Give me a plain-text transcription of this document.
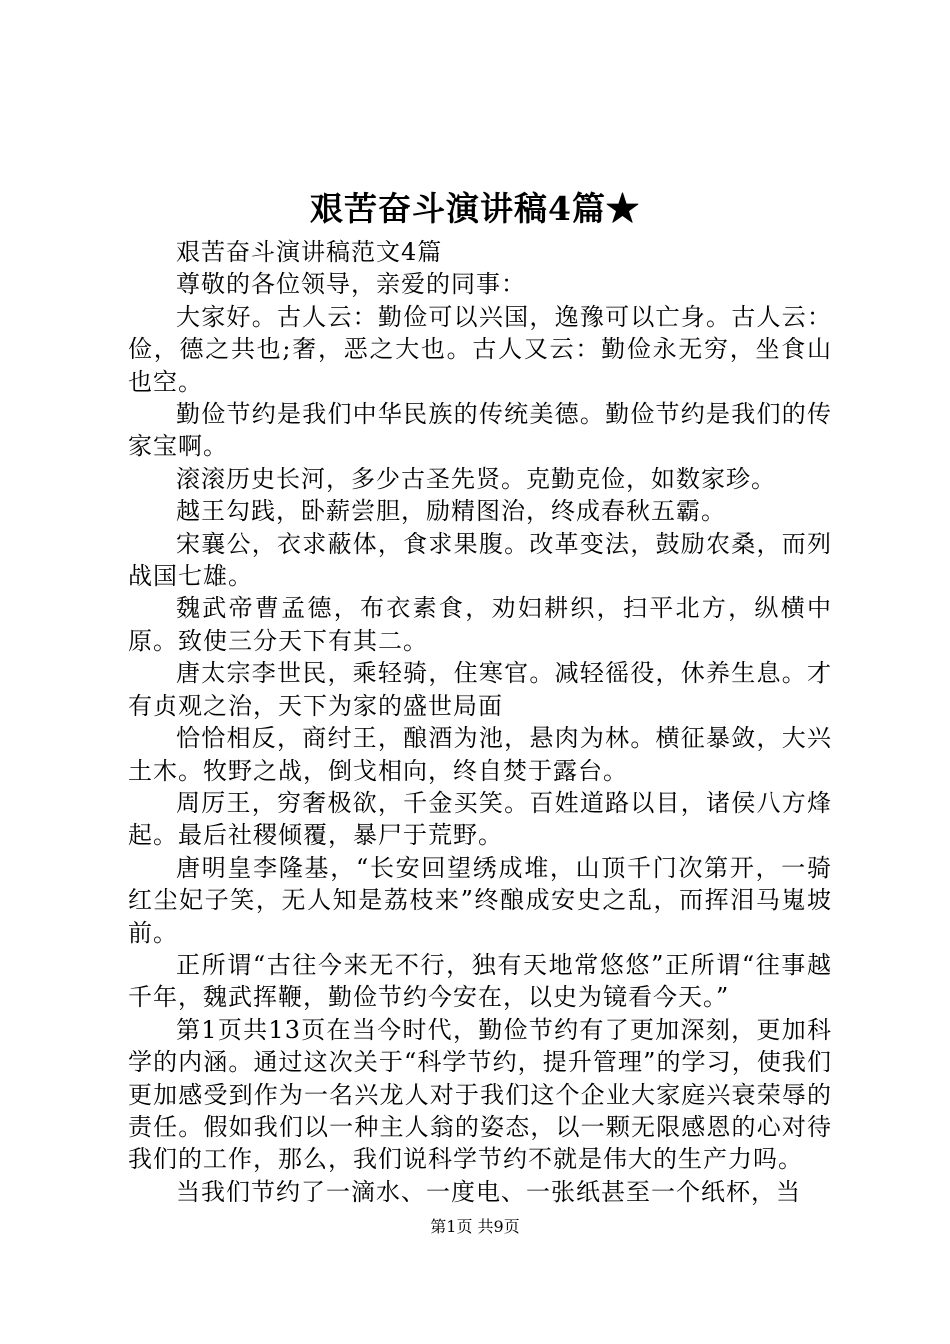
艰苦奋斗演讲稿4篇★

艰苦奋斗演讲稿范文4篇

尊敬的各位领导，亲爱的同事：

大家好。古人云：勤俭可以兴国，逸豫可以亡身。古人云：俭，德之共也;奢，恶之大也。古人又云：勤俭永无穷，坐食山也空。

勤俭节约是我们中华民族的传统美德。勤俭节约是我们的传家宝啊。

滚滚历史长河，多少古圣先贤。克勤克俭，如数家珍。

越王勾践，卧薪尝胆，励精图治，终成春秋五霸。

宋襄公，衣求蔽体，食求果腹。改革变法，鼓励农桑，而列战国七雄。

魏武帝曹孟德，布衣素食，劝妇耕织，扫平北方，纵横中原。致使三分天下有其二。

唐太宗李世民，乘轻骑，住寒官。减轻徭役，休养生息。才有贞观之治，天下为家的盛世局面

恰恰相反，商纣王，酿酒为池，悬肉为林。横征暴敛，大兴土木。牧野之战，倒戈相向，终自焚于露台。

周厉王，穷奢极欲，千金买笑。百姓道路以目，诸侯八方烽起。最后社稷倾覆，暴尸于荒野。

唐明皇李隆基，“长安回望绣成堆，山顶千门次第开，一骑红尘妃子笑，无人知是荔枝来”终酿成安史之乱，而挥泪马嵬坡前。

正所谓“古往今来无不行，独有天地常悠悠”正所谓“往事越千年，魏武挥鞭，勤俭节约今安在，以史为镜看今天。”

第1页共13页在当今时代，勤俭节约有了更加深刻，更加科学的内涵。通过这次关于“科学节约，提升管理”的学习，使我们更加感受到作为一名兴龙人对于我们这个企业大家庭兴衰荣辱的责任。假如我们以一种主人翁的姿态，以一颗无限感恩的心对待我们的工作，那么，我们说科学节约不就是伟大的生产力吗。

当我们节约了一滴水、一度电、一张纸甚至一个纸杯，当

第1页 共9页
